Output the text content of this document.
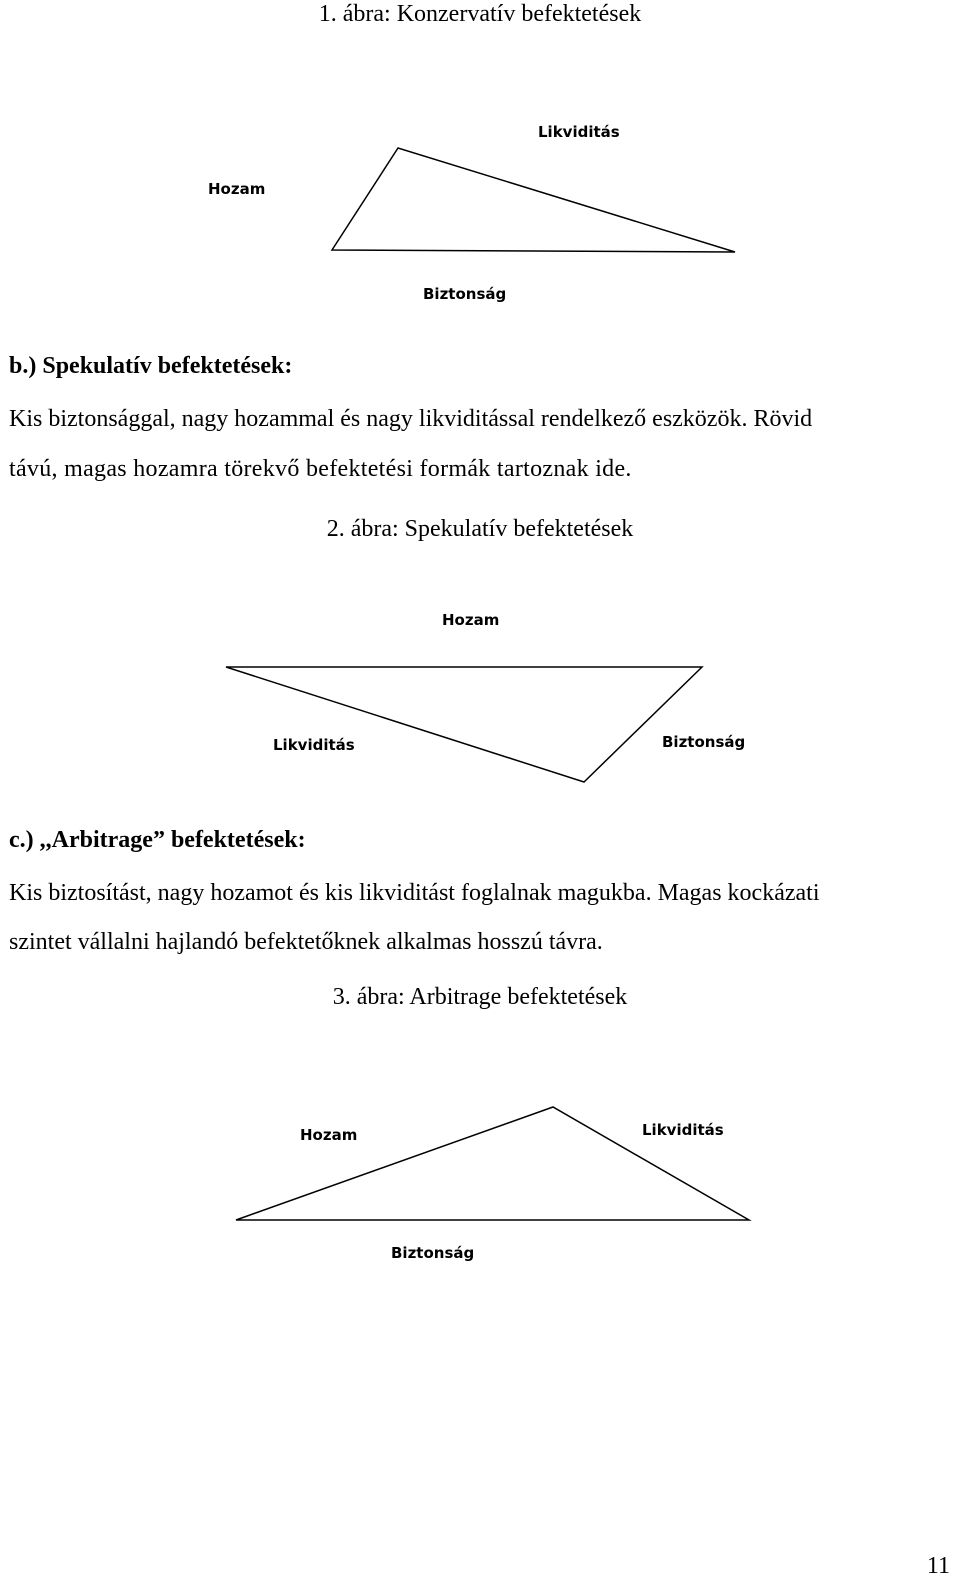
1. ábra: Konzervatív befektetések
Likviditás
Hozam
Biztonság
b.) Spekulatív befektetések:
Kis biztonsággal, nagy hozammal és nagy likviditással rendelkező eszközök. Rövid
távú, magas hozamra törekvő befektetési formák tartoznak ide.
2. ábra: Spekulatív befektetések
Hozam
Likviditás	Biztonság
c.) ,,Arbitrage” befektetések:
Kis biztosítást, nagy hozamot és kis likviditást foglalnak magukba. Magas kockázati
szintet vállalni hajlandó befektetőknek alkalmas hosszú távra.
3. ábra: Arbitrage befektetések
Hozam	Likviditás
Biztonság
11
